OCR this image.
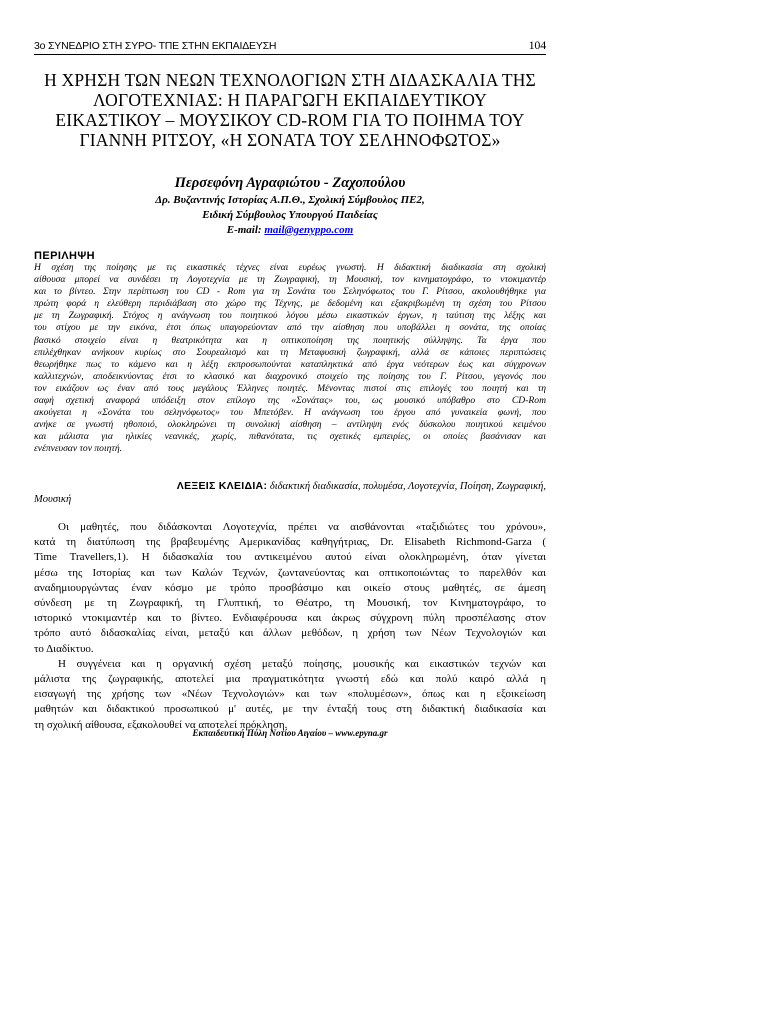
3ο ΣΥΝΕΔΡΙΟ ΣΤΗ ΣΥΡΟ- ΤΠΕ ΣΤΗΝ ΕΚΠΑΙΔΕΥΣΗ	104
Η ΧΡΗΣΗ ΤΩΝ ΝΕΩΝ ΤΕΧΝΟΛΟΓΙΩΝ ΣΤΗ ΔΙΔΑΣΚΑΛΙΑ ΤΗΣ
ΛΟΓΟΤΕΧΝΙΑΣ: Η ΠΑΡΑΓΩΓΗ ΕΚΠΑΙΔΕΥΤΙΚΟΥ
ΕΙΚΑΣΤΙΚΟΥ – ΜΟΥΣΙΚΟΥ CD-ROM ΓΙΑ ΤΟ ΠΟΙΗΜΑ ΤΟΥ
ΓΙΑΝΝΗ ΡΙΤΣΟΥ, «Η ΣΟΝΑΤΑ ΤΟΥ ΣΕΛΗΝΟΦΩΤΟΣ»
Περσεφόνη Αγραφιώτου - Ζαχοπούλου
Δρ. Βυζαντινής Ιστορίας Α.Π.Θ., Σχολική Σύμβουλος ΠΕ2,
Ειδική Σύμβουλος Υπουργού Παιδείας
E-mail: mail@genyppo.com
ΠΕΡΙΛΗΨΗ
Η σχέση της ποίησης με τις εικαστικές τέχνες είναι ευρέως γνωστή. Η διδακτική διαδικασία στη σχολική
αίθουσα μπορεί να συνδέσει τη Λογοτεχνία με τη Ζωγραφική, τη Μουσική, τον κινηματογράφο, το ντοκιμαντέρ
και το βίντεο. Στην περίπτωση του CD - Rom για τη Σονάτα του Σεληνόφωτος του Γ. Ρίτσου, ακολουθήθηκε για
πρώτη φορά η ελεύθερη περιδιάβαση στο χώρο της Τέχνης, με δεδομένη και εξακριβωμένη τη σχέση του Ρίτσου
με τη Ζωγραφική. Στόχος η ανάγνωση του ποιητικού λόγου μέσω εικαστικών έργων, η ταύτιση της λέξης και
του στίχου με την εικόνα, έτσι όπως υπαγορεύονταν από την αίσθηση που υποβάλλει η σονάτα, της οποίας
βασικό στοιχείο είναι η θεατρικότητα και η οπτικοποίηση της ποιητικής σύλληψης. Τα έργα που
επιλέχθηκαν ανήκουν κυρίως στο Σουρεαλισμό και τη Μεταφυσική ζωγραφική, αλλά σε κάποιες περιπτώσεις
θεωρήθηκε πως το κάμενο και η λέξη εκπροσωπούνται καταπληκτικά από έργα νεότερων έως και σύγχρονων
καλλιτεχνών, αποδεικνύοντας έτσι το κλασικό και διαχρονικό στοιχείο της ποίησης του Γ. Ρίτσου, γεγονός που
τον εικάζουν ως έναν από τους μεγάλους Έλληνες ποιητές. Μένοντας πιστοί στις επιλογές του ποιητή και τη
σαφή σχετική αναφορά υπόδειξη στον επίλογο της «Σονάτας» του, ως μουσικό υπόβαθρο στο CD-Rom
ακούγεται η «Σονάτα του σεληνόφωτος» του Μπετόβεν. Η ανάγνωση του έργου από γυναικεία φωνή, που
ανήκε σε γνωστή ηθοποιό, ολοκληρώνει τη συνολική αίσθηση – αντίληψη ενός δύσκολου ποιητικού κειμένου
και μάλιστα για ηλικίες νεανικές, χωρίς, πιθανότατα, τις σχετικές εμπειρίες, οι οποίες βασάνισαν και
ενέπνευσαν τον ποιητή.
ΛΕΞΕΙΣ ΚΛΕΙΔΙΑ: διδακτική διαδικασία, πολυμέσα, Λογοτεχνία, Ποίηση, Ζωγραφική,
Μουσική
Οι μαθητές, που διδάσκονται Λογοτεχνία, πρέπει να αισθάνονται «ταξιδιώτες του χρόνου»,
κατά τη διατύπωση της βραβευμένης Αμερικανίδας καθηγήτριας, Dr. Elisabeth Richmond-Garza (
Time Travellers,1). Η διδασκαλία του αντικειμένου αυτού είναι ολοκληρωμένη, όταν γίνεται
μέσω της Ιστορίας και των Καλών Τεχνών, ζωντανεύοντας και οπτικοποιώντας το παρελθόν και
αναδημιουργώντας έναν κόσμο με τρόπο προσβάσιμο και οικείο στους μαθητές, σε άμεση
σύνδεση με τη Ζωγραφική, τη Γλυπτική, το Θέατρο, τη Μουσική, τον Κινηματογράφο, το
ιστορικό ντοκιμαντέρ και το βίντεο. Ενδιαφέρουσα και άκρως σύγχρονη πύλη προσπέλασης στον
τρόπο αυτό διδασκαλίας είναι, μεταξύ και άλλων μεθόδων, η χρήση των Νέων Τεχνολογιών και
το Διαδίκτυο.
Η συγγένεια και η οργανική σχέση μεταξύ ποίησης, μουσικής και εικαστικών τεχνών και
μάλιστα της ζωγραφικής, αποτελεί μια πραγματικότητα γνωστή εδώ και πολύ καιρό αλλά η
εισαγωγή της χρήσης των «Νέων Τεχνολογιών» και των «πολυμέσων», όπως και η εξοικείωση
μαθητών και διδακτικού προσωπικού μ' αυτές, με την ένταξή τους στη διδακτική διαδικασία και
τη σχολική αίθουσα, εξακολουθεί να αποτελεί πρόκληση.
Εκπαιδευτική Πύλη Νοτίου Αιγαίου – www.epyna.gr
